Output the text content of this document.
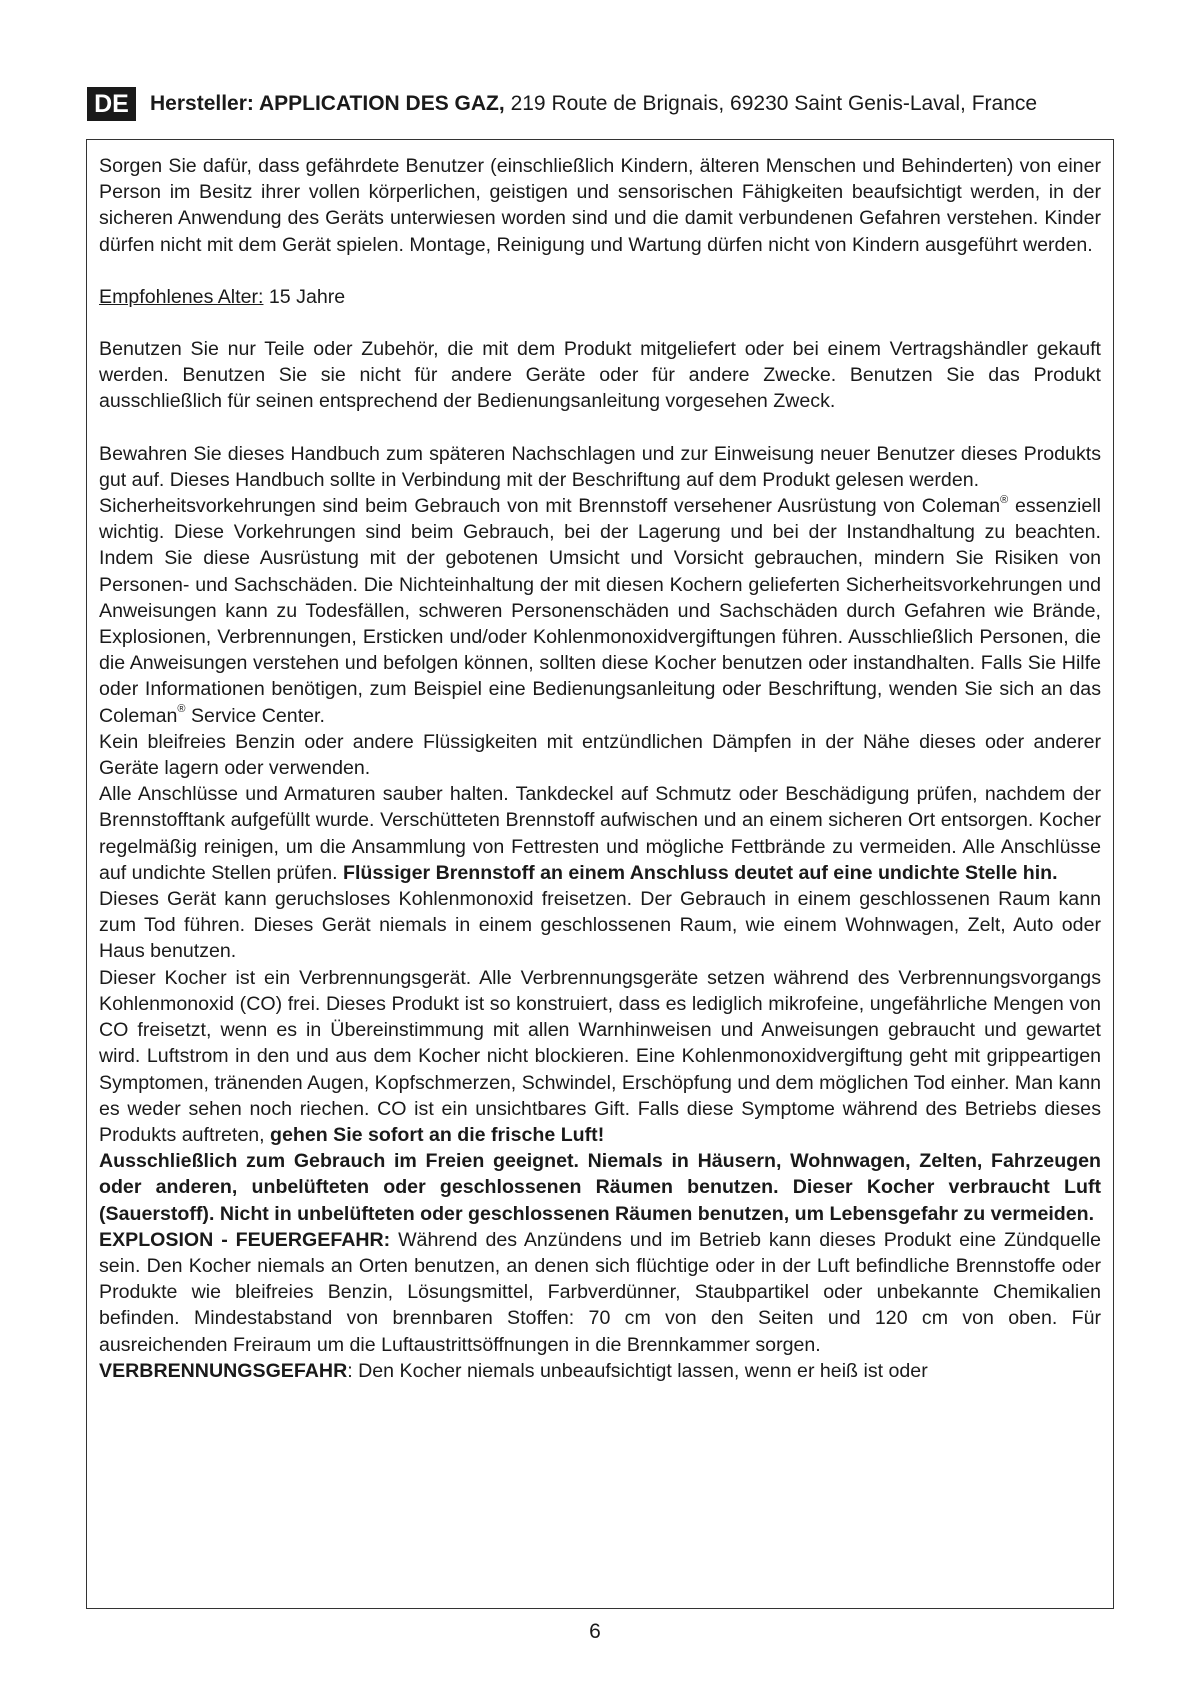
DE	Hersteller: APPLICATION DES GAZ, 219 Route de Brignais, 69230 Saint Genis-Laval, France

Sorgen Sie dafür, dass gefährdete Benutzer (einschließlich Kindern, älteren Menschen und Behinderten) von einer Person im Besitz ihrer vollen körperlichen, geistigen und sensorischen Fähigkeiten beaufsichtigt werden, in der sicheren Anwendung des Geräts unterwiesen worden sind und die damit verbundenen Gefahren verstehen. Kinder dürfen nicht mit dem Gerät spielen. Montage, Reinigung und Wartung dürfen nicht von Kindern ausgeführt werden.

Empfohlenes Alter: 15 Jahre

Benutzen Sie nur Teile oder Zubehör, die mit dem Produkt mitgeliefert oder bei einem Vertragshändler gekauft werden. Benutzen Sie sie nicht für andere Geräte oder für andere Zwecke. Benutzen Sie das Produkt ausschließlich für seinen entsprechend der Bedienungsanleitung vorgesehen Zweck.

Bewahren Sie dieses Handbuch zum späteren Nachschlagen und zur Einweisung neuer Benutzer dieses Produkts gut auf. Dieses Handbuch sollte in Verbindung mit der Beschriftung auf dem Produkt gelesen werden.

Sicherheitsvorkehrungen sind beim Gebrauch von mit Brennstoff versehener Ausrüstung von Coleman® essenziell wichtig. Diese Vorkehrungen sind beim Gebrauch, bei der Lagerung und bei der Instandhaltung zu beachten. Indem Sie diese Ausrüstung mit der gebotenen Umsicht und Vorsicht gebrauchen, mindern Sie Risiken von Personen- und Sachschäden. Die Nichteinhaltung der mit diesen Kochern gelieferten Sicherheitsvorkehrungen und Anweisungen kann zu Todesfällen, schweren Personenschäden und Sachschäden durch Gefahren wie Brände, Explosionen, Verbrennungen, Ersticken und/oder Kohlenmonoxidvergiftungen führen. Ausschließlich Personen, die die Anweisungen verstehen und befolgen können, sollten diese Kocher benutzen oder instandhalten. Falls Sie Hilfe oder Informationen benötigen, zum Beispiel eine Bedienungsanleitung oder Beschriftung, wenden Sie sich an das Coleman® Service Center.

Kein bleifreies Benzin oder andere Flüssigkeiten mit entzündlichen Dämpfen in der Nähe dieses oder anderer Geräte lagern oder verwenden.

Alle Anschlüsse und Armaturen sauber halten. Tankdeckel auf Schmutz oder Beschädigung prüfen, nachdem der Brennstofftank aufgefüllt wurde. Verschütteten Brennstoff aufwischen und an einem sicheren Ort entsorgen. Kocher regelmäßig reinigen, um die Ansammlung von Fettresten und mögliche Fettbrände zu vermeiden. Alle Anschlüsse auf undichte Stellen prüfen. Flüssiger Brennstoff an einem Anschluss deutet auf eine undichte Stelle hin.

Dieses Gerät kann geruchsloses Kohlenmonoxid freisetzen. Der Gebrauch in einem geschlossenen Raum kann zum Tod führen. Dieses Gerät niemals in einem geschlossenen Raum, wie einem Wohnwagen, Zelt, Auto oder Haus benutzen.

Dieser Kocher ist ein Verbrennungsgerät. Alle Verbrennungsgeräte setzen während des Verbrennungsvorgangs Kohlenmonoxid (CO) frei. Dieses Produkt ist so konstruiert, dass es lediglich mikrofeine, ungefährliche Mengen von CO freisetzt, wenn es in Übereinstimmung mit allen Warnhinweisen und Anweisungen gebraucht und gewartet wird. Luftstrom in den und aus dem Kocher nicht blockieren. Eine Kohlenmonoxidvergiftung geht mit grippeartigen Symptomen, tränenden Augen, Kopfschmerzen, Schwindel, Erschöpfung und dem möglichen Tod einher. Man kann es weder sehen noch riechen. CO ist ein unsichtbares Gift. Falls diese Symptome während des Betriebs dieses Produkts auftreten, gehen Sie sofort an die frische Luft!

Ausschließlich zum Gebrauch im Freien geeignet. Niemals in Häusern, Wohnwagen, Zelten, Fahrzeugen oder anderen, unbelüfteten oder geschlossenen Räumen benutzen. Dieser Kocher verbraucht Luft (Sauerstoff). Nicht in unbelüfteten oder geschlossenen Räumen benutzen, um Lebensgefahr zu vermeiden.

EXPLOSION - FEUERGEFAHR: Während des Anzündens und im Betrieb kann dieses Produkt eine Zündquelle sein. Den Kocher niemals an Orten benutzen, an denen sich flüchtige oder in der Luft befindliche Brennstoffe oder Produkte wie bleifreies Benzin, Lösungsmittel, Farbverdünner, Staubpartikel oder unbekannte Chemikalien befinden. Mindestabstand von brennbaren Stoffen: 70 cm von den Seiten und 120 cm von oben. Für ausreichenden Freiraum um die Luftaustrittsöffnungen in die Brennkammer sorgen.

VERBRENNUNGSGEFAHR: Den Kocher niemals unbeaufsichtigt lassen, wenn er heiß ist oder

6
